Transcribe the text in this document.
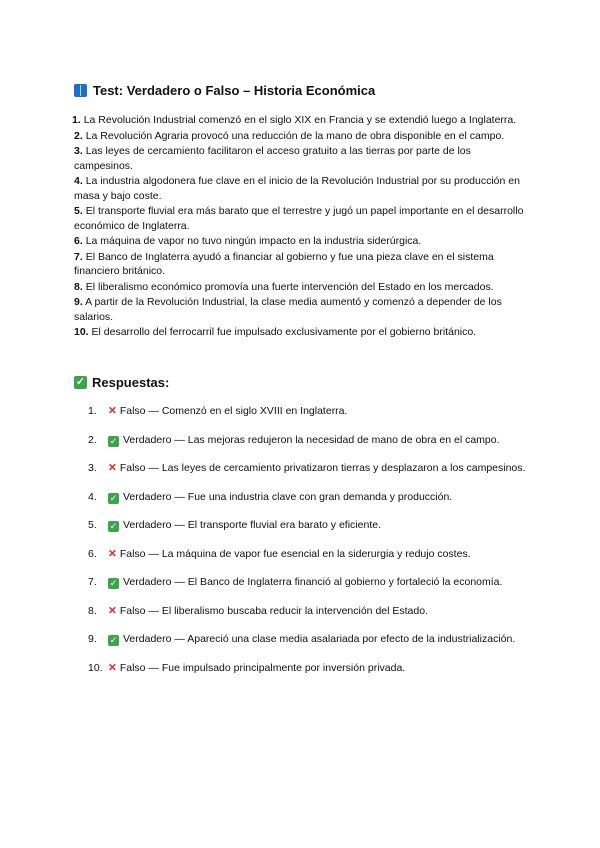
Test: Verdadero o Falso – Historia Económica
1. La Revolución Industrial comenzó en el siglo XIX en Francia y se extendió luego a Inglaterra.
2. La Revolución Agraria provocó una reducción de la mano de obra disponible en el campo.
3. Las leyes de cercamiento facilitaron el acceso gratuito a las tierras por parte de los campesinos.
4. La industria algodonera fue clave en el inicio de la Revolución Industrial por su producción en masa y bajo coste.
5. El transporte fluvial era más barato que el terrestre y jugó un papel importante en el desarrollo económico de Inglaterra.
6. La máquina de vapor no tuvo ningún impacto en la industria siderúrgica.
7. El Banco de Inglaterra ayudó a financiar al gobierno y fue una pieza clave en el sistema financiero británico.
8. El liberalismo económico promovía una fuerte intervención del Estado en los mercados.
9. A partir de la Revolución Industrial, la clase media aumentó y comenzó a depender de los salarios.
10. El desarrollo del ferrocarril fue impulsado exclusivamente por el gobierno británico.
✓ Respuestas:
1.	✕ Falso — Comenzó en el siglo XVIII en Inglaterra.
2.	✓ Verdadero — Las mejoras redujeron la necesidad de mano de obra en el campo.
3.	✕ Falso — Las leyes de cercamiento privatizaron tierras y desplazaron a los campesinos.
4.	✓ Verdadero — Fue una industria clave con gran demanda y producción.
5.	✓ Verdadero — El transporte fluvial era barato y eficiente.
6.	✕ Falso — La máquina de vapor fue esencial en la siderurgia y redujo costes.
7.	✓ Verdadero — El Banco de Inglaterra financió al gobierno y fortaleció la economía.
8.	✕ Falso — El liberalismo buscaba reducir la intervención del Estado.
9.	✓ Verdadero — Apareció una clase media asalariada por efecto de la industrialización.
10. ✕ Falso — Fue impulsado principalmente por inversión privada.
